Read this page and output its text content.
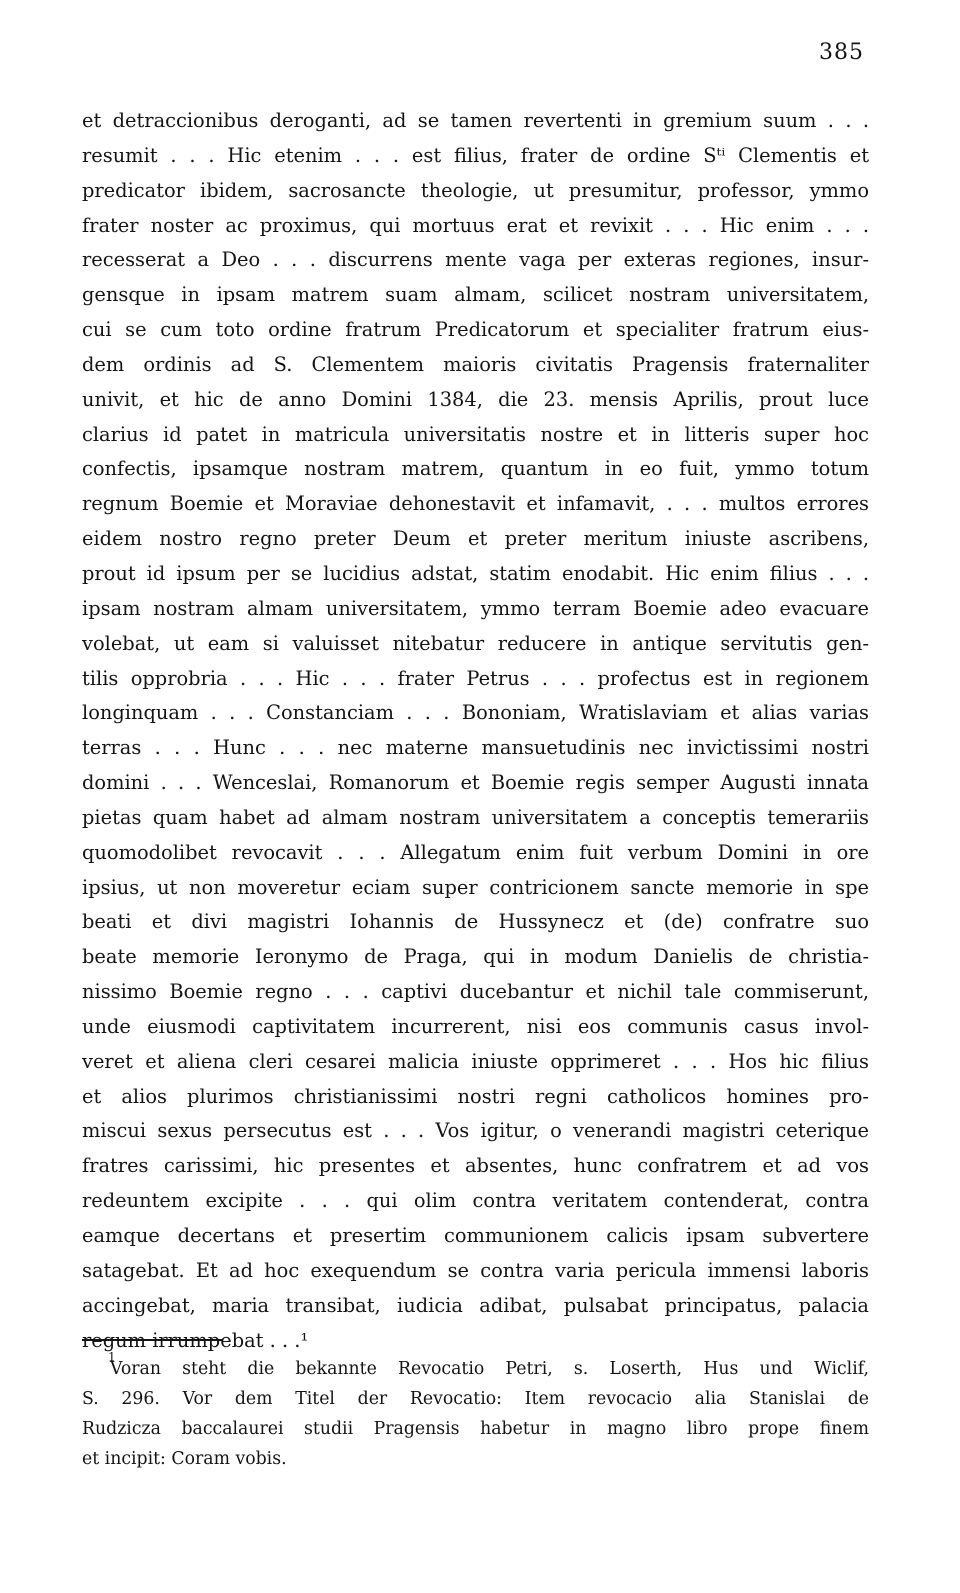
385
et detraccionibus deroganti, ad se tamen revertenti in gremium suum . . .
resumit . . . Hic etenim . . . est filius, frater de ordine Sᵗⁱ Clementis et
predicator ibidem, sacrosancte theologie, ut presumitur, professor, ymmo
frater noster ac proximus, qui mortuus erat et revixit . . . Hic enim . . .
recesserat a Deo . . . discurrens mente vaga per exteras regiones, insur-
gensque in ipsam matrem suam almam, scilicet nostram universitatem,
cui se cum toto ordine fratrum Predicatorum et specialiter fratrum eius-
dem ordinis ad S. Clementem maioris civitatis Pragensis fraternaliter
univit, et hic de anno Domini 1384, die 23. mensis Aprilis, prout luce
clarius id patet in matricula universitatis nostre et in litteris super hoc
confectis, ipsamque nostram matrem, quantum in eo fuit, ymmo totum
regnum Boemie et Moraviae dehonestavit et infamavit, . . . multos errores
eidem nostro regno preter Deum et preter meritum iniuste ascribens,
prout id ipsum per se lucidius adstat, statim enodabit. Hic enim filius . . .
ipsam nostram almam universitatem, ymmo terram Boemie adeo evacuare
volebat, ut eam si valuisset nitebatur reducere in antique servitutis gen-
tilis opprobria . . . Hic . . . frater Petrus . . . profectus est in regionem
longinquam . . . Constanciam . . . Bononiam, Wratislaviam et alias varias
terras . . . Hunc . . . nec materne mansuetudinis nec invictissimi nostri
domini . . . Wenceslai, Romanorum et Boemie regis semper Augusti innata
pietas quam habet ad almam nostram universitatem a conceptis temerariis
quomodolibet revocavit . . . Allegatum enim fuit verbum Domini in ore
ipsius, ut non moveretur eciam super contricionem sancte memorie in spe
beati et divi magistri Iohannis de Hussynecz et (de) confratre suo
beate memorie Ieronymo de Praga, qui in modum Danielis de christia-
nissimo Boemie regno . . . captivi ducebantur et nichil tale commiserunt,
unde eiusmodi captivitatem incurrerent, nisi eos communis casus invol-
veret et aliena cleri cesarei malicia iniuste opprimeret . . . Hos hic filius
et alios plurimos christianissimi nostri regni catholicos homines pro-
miscui sexus persecutus est . . . Vos igitur, o venerandi magistri ceterique
fratres carissimi, hic presentes et absentes, hunc confratrem et ad vos
redeuntem excipite . . . qui olim contra veritatem contenderat, contra
eamque decertans et presertim communionem calicis ipsam subvertere
satagebat. Et ad hoc exequendum se contra varia pericula immensi laboris
accingebat, maria transibat, iudicia adibat, pulsabat principatus, palacia
regum irrumpebat . . .¹
1
Voran steht die bekannte Revocatio Petri, s. Loserth, Hus und Wiclif,
S. 296. Vor dem Titel der Revocatio: Item revocacio alia Stanislai de
Rudzicza baccalaurei studii Pragensis habetur in magno libro prope finem
et incipit: Coram vobis.
